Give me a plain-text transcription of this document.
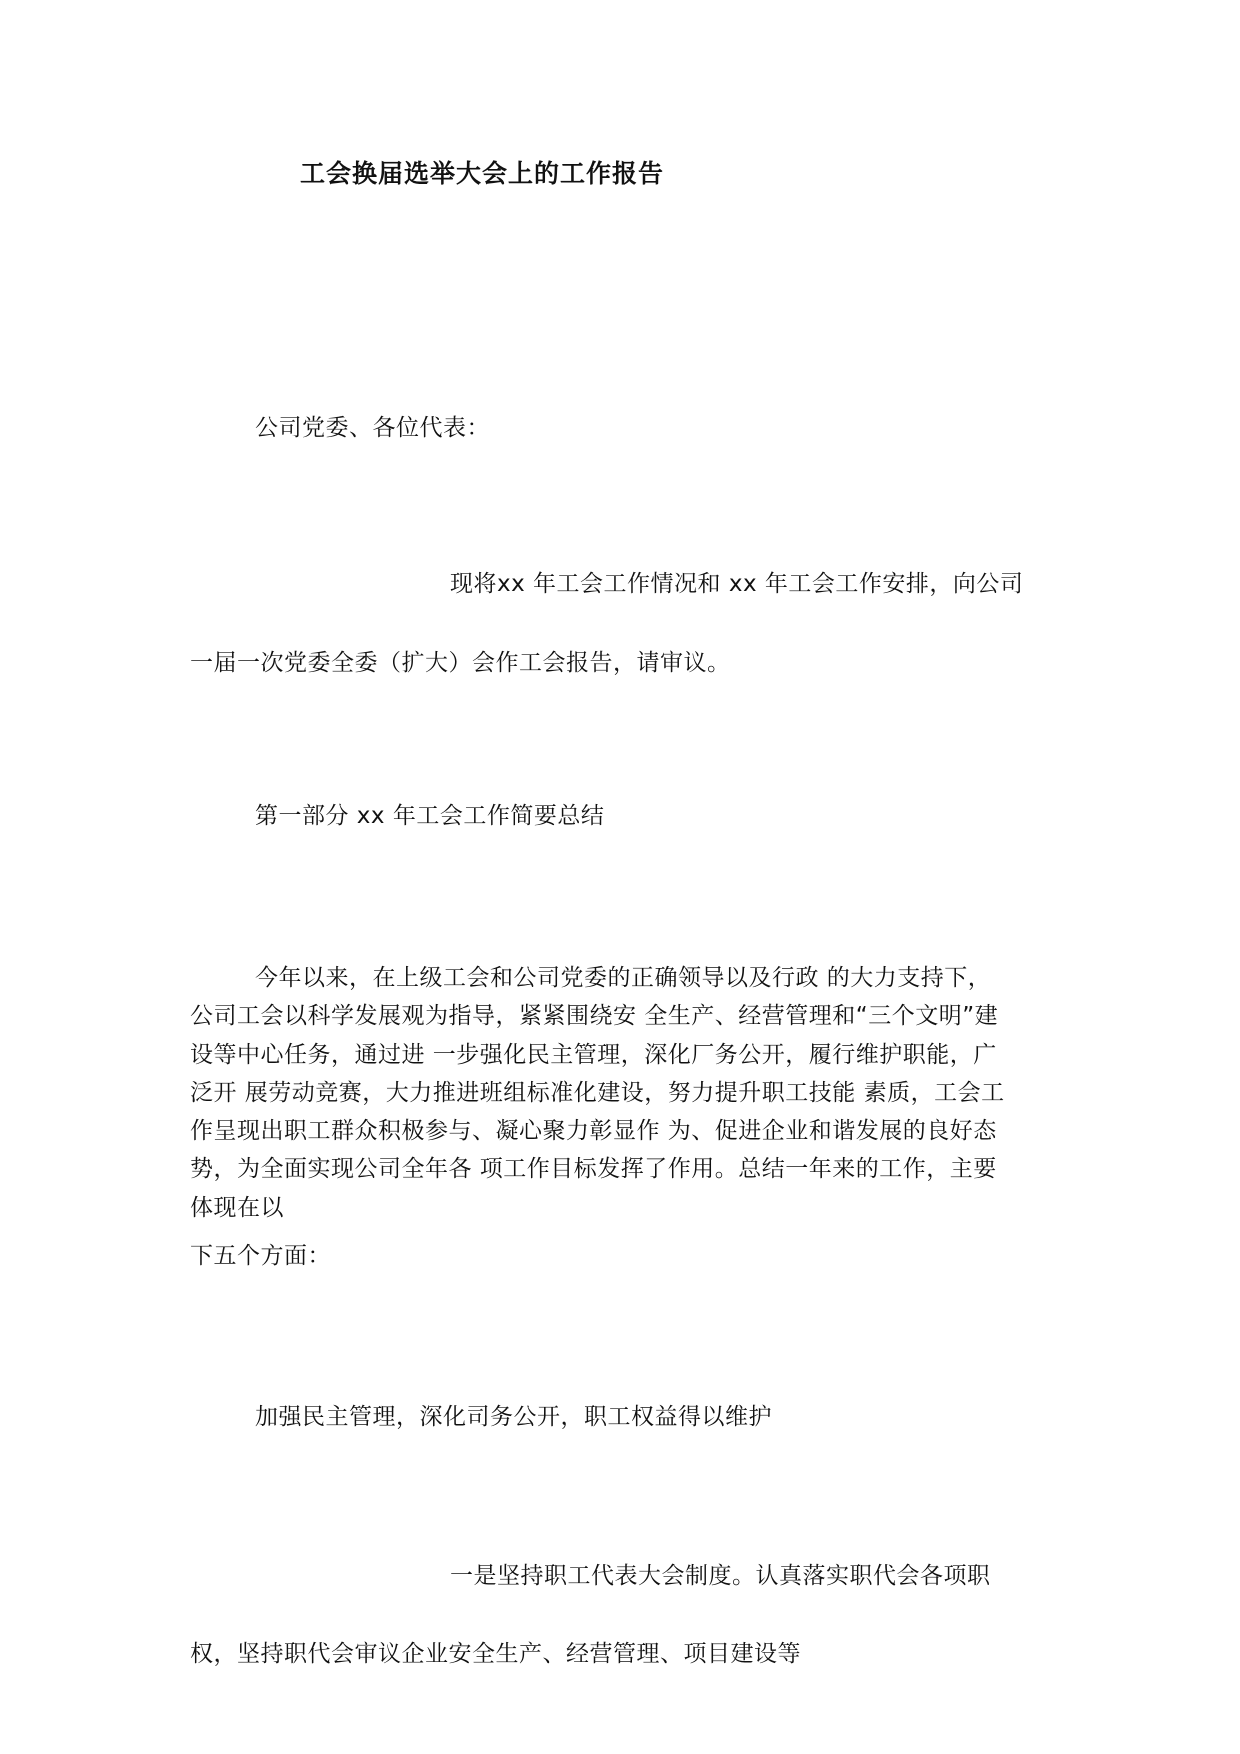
工会换届选举大会上的工作报告
公司党委、各位代表：
现将xx 年工会工作情况和 xx 年工会工作安排，向公司
一届一次党委全委（扩大）会作工会报告，请审议。
第一部分 xx 年工会工作简要总结
今年以来，在上级工会和公司党委的正确领导以及行政 的大力支持下，
公司工会以科学发展观为指导，紧紧围绕安 全生产、经营管理和“三个文明”建
设等中心任务，通过进 一步强化民主管理，深化厂务公开，履行维护职能，广
泛开 展劳动竞赛，大力推进班组标准化建设，努力提升职工技能 素质，工会工
作呈现出职工群众积极参与、凝心聚力彰显作 为、促进企业和谐发展的良好态
势，为全面实现公司全年各 项工作目标发挥了作用。总结一年来的工作，主要
体现在以
下五个方面：
加强民主管理，深化司务公开，职工权益得以维护
一是坚持职工代表大会制度。认真落实职代会各项职
权，坚持职代会审议企业安全生产、经营管理、项目建设等
